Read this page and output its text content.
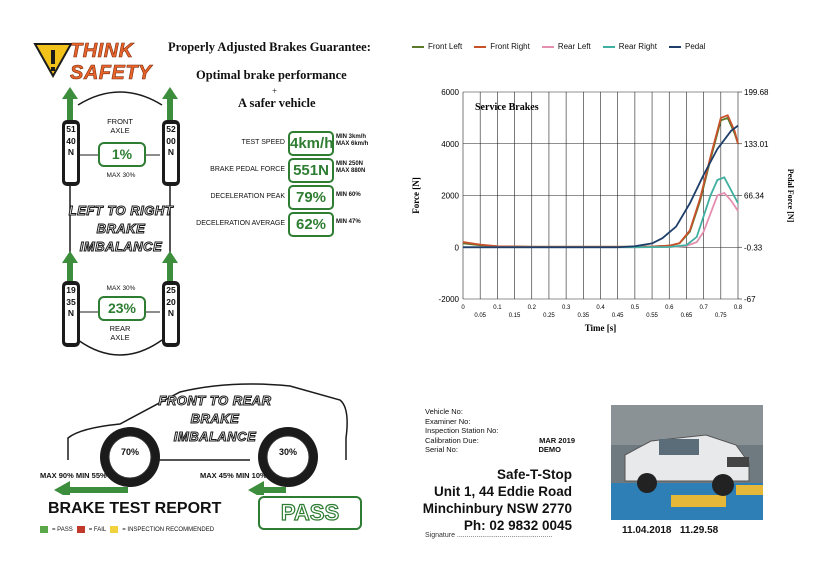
THINK
SAFETY
Properly Adjusted Brakes Guarantee:
Optimal brake performance
+
A safer vehicle
FRONT
AXLE
5140N
5200N
1%
MAX 30%
LEFT TO RIGHT
BRAKE
IMBALANCE
MAX 30%
1935N
2520N
23%
REAR
AXLE
TEST SPEED 4km/h MIN 3km/h
MAX 6km/h
BRAKE PEDAL FORCE 551N	MIN 250N
MAX 880N
DECELERATION PEAK 79%	MIN 60%
DECELERATION AVERAGE 62%	MIN 47%
Front Left	Front Right	Rear Left	Rear Right	Pedal
0
0.05
0.1
0.15
0.2
0.25
0.3
0.35
0.4
0.45
0.5
0.55
0.6
0.65
0.7
0.75
0.8
6000
4000
2000
0
-2000
199.68
133.01
66.34
-0.33
-67
Service Brakes
Time [s]
Force [N]	Pedal Force [N]
70%	30%
FRONT TO REAR
BRAKE
IMBALANCE
MAX 90% MIN 55%	MAX 45% MIN 10%
BRAKE TEST REPORT	PASS
= PASS	= FAIL	= INSPECTION RECOMMENDED
Vehicle No:
Examiner No:
Inspection Station No:
Calibration Due:	MAR 2019
Serial No:	DEMO
Safe-T-Stop
Unit 1, 44 Eddie Road
Minchinbury NSW 2770
Ph: 02 9832 0045
Signature .................................................	11.04.2018   11.29.58
